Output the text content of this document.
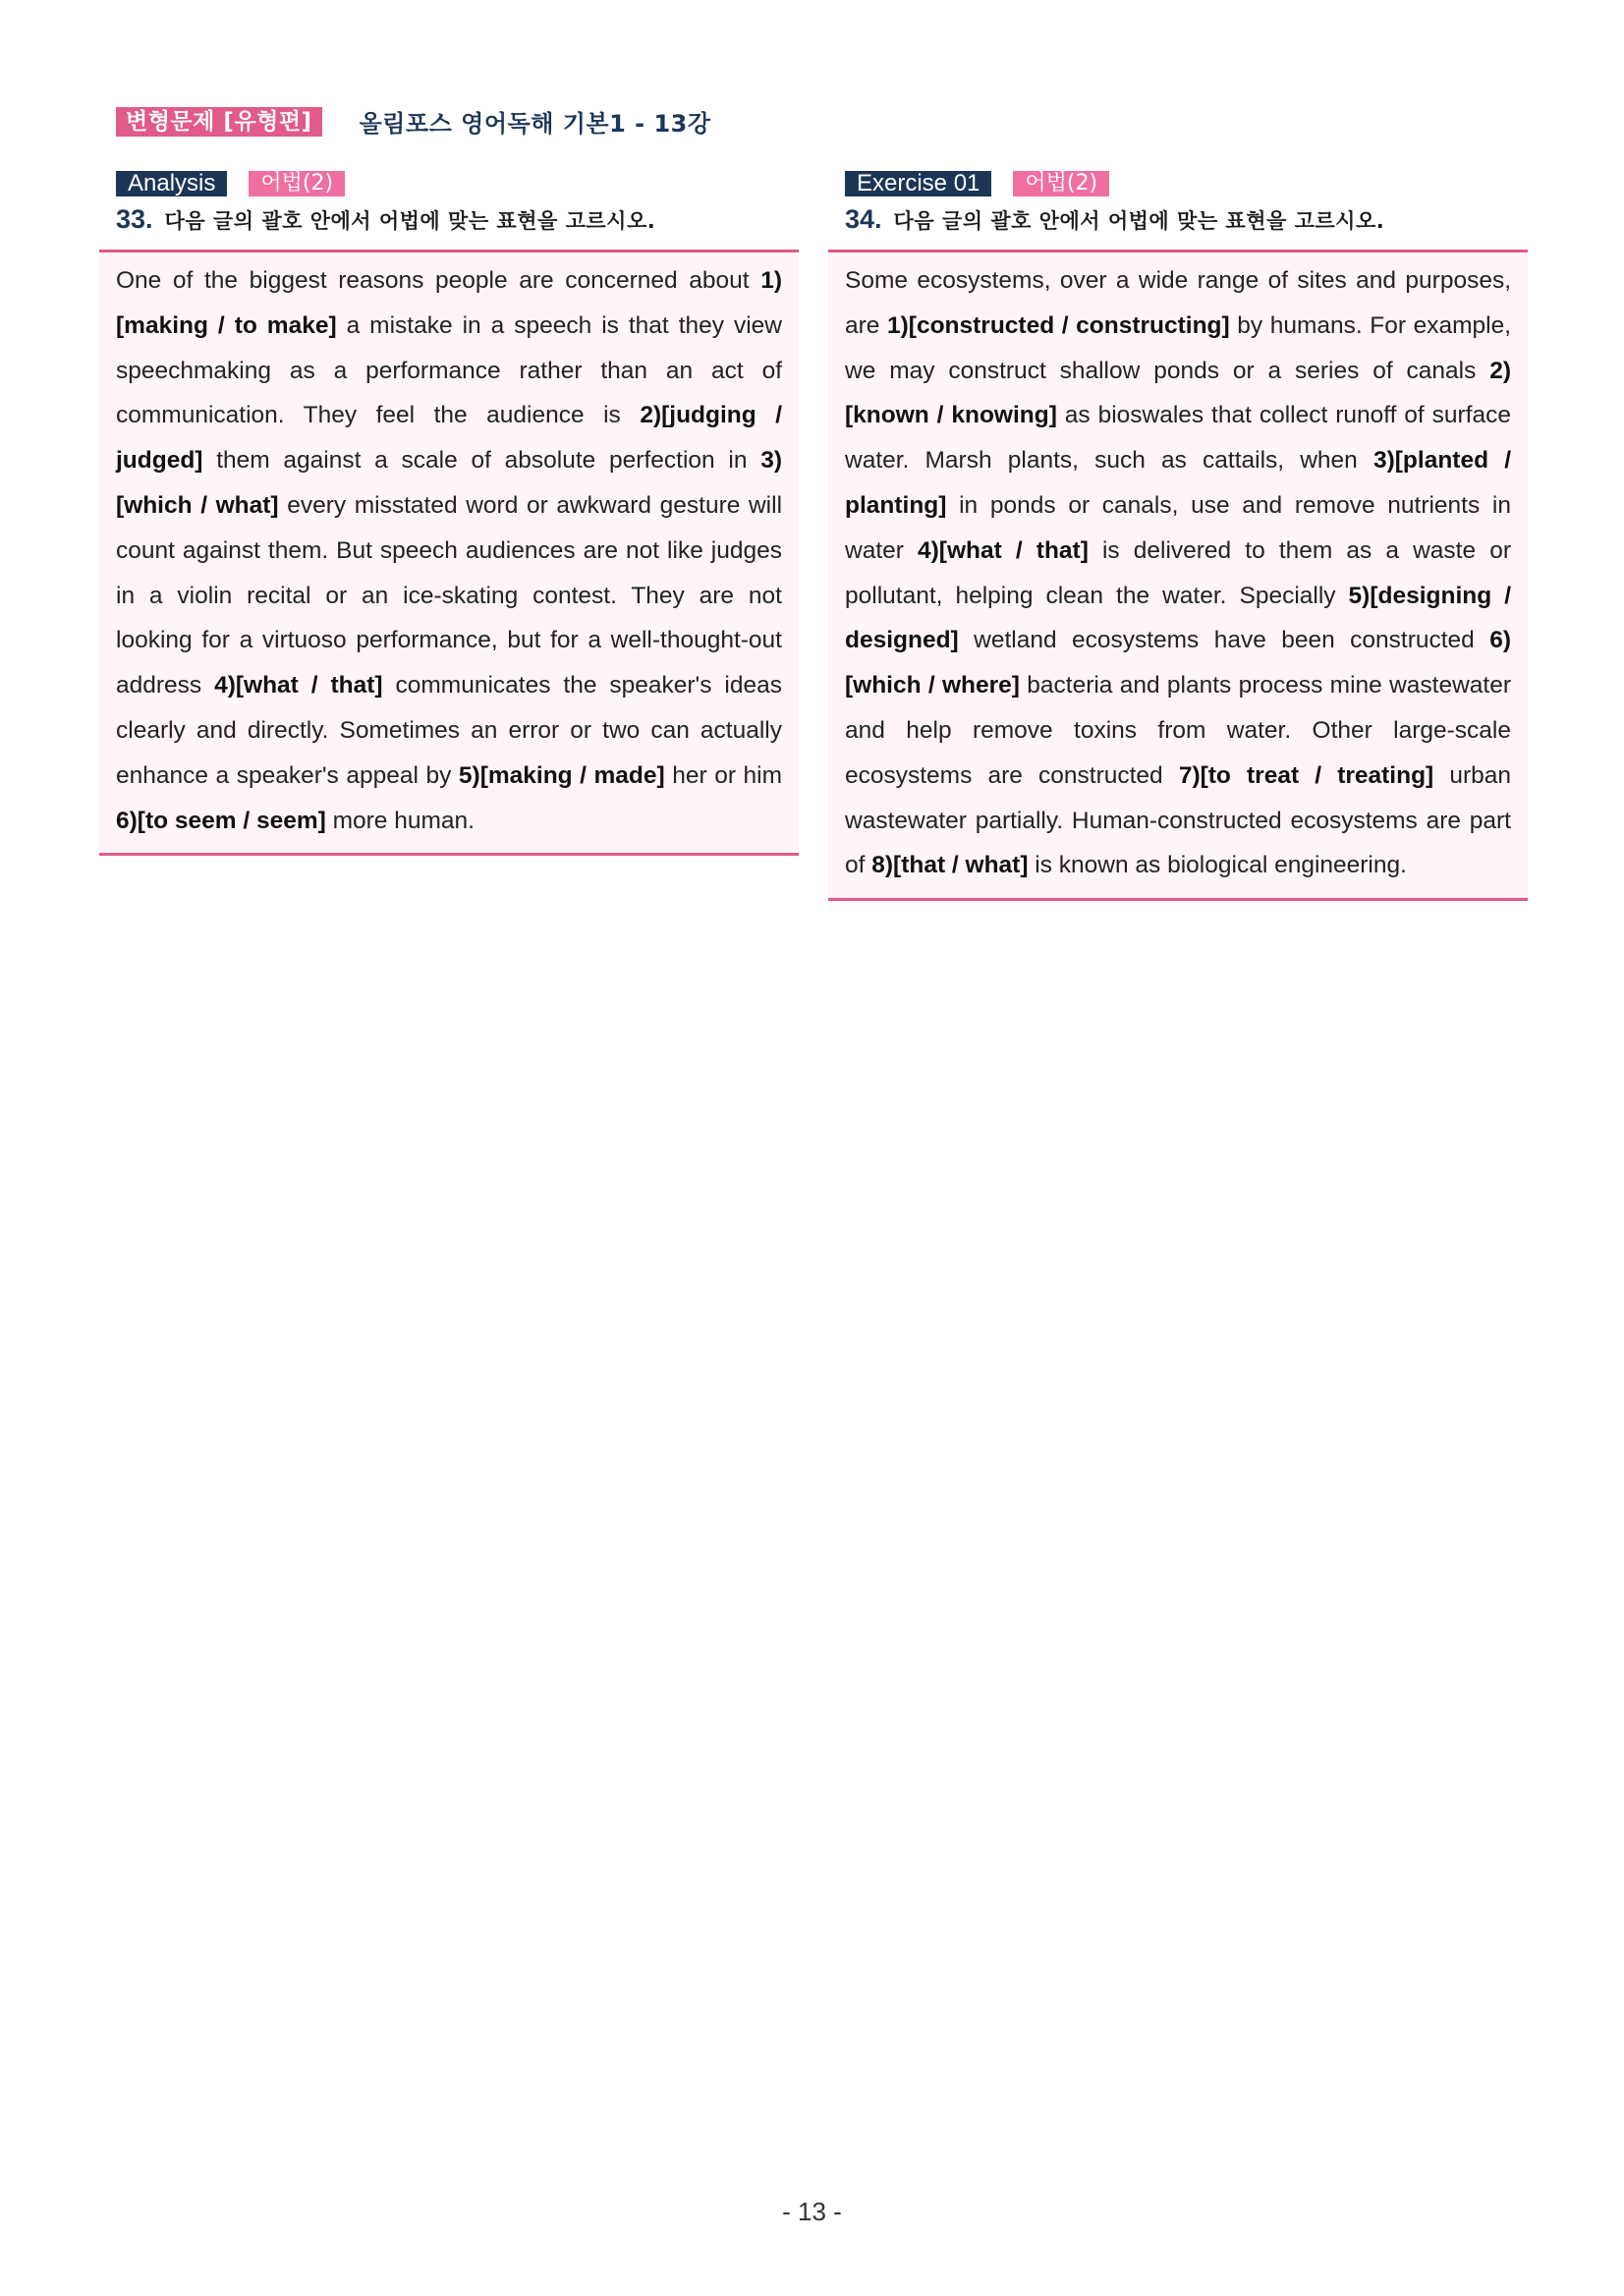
변형문제 [유형편]	올림포스 영어독해 기본1 - 13강
Analysis	어법(2)
33. 다음 글의 괄호 안에서 어법에 맞는 표현을 고르시오.

One of the biggest reasons people are concerned about 1)[making / to make] a mistake in a speech is that they view speechmaking as a performance rather than an act of communication. They feel the audience is 2)[judging / judged] them against a scale of absolute perfection in 3)[which / what] every misstated word or awkward gesture will count against them. But speech audiences are not like judges in a violin recital or an ice-skating contest. They are not looking for a virtuoso performance, but for a well-thought-out address 4)[what / that] communicates the speaker's ideas clearly and directly. Sometimes an error or two can actually enhance a speaker's appeal by 5)[making / made] her or him 6)[to seem / seem] more human.

Exercise 01	어법(2)
34. 다음 글의 괄호 안에서 어법에 맞는 표현을 고르시오.

Some ecosystems, over a wide range of sites and purposes, are 1)[constructed / constructing] by humans. For example, we may construct shallow ponds or a series of canals 2)[known / knowing] as bioswales that collect runoff of surface water. Marsh plants, such as cattails, when 3)[planted / planting] in ponds or canals, use and remove nutrients in water 4)[what / that] is delivered to them as a waste or pollutant, helping clean the water. Specially 5)[designing / designed] wetland ecosystems have been constructed 6)[which / where] bacteria and plants process mine wastewater and help remove toxins from water. Other large-scale ecosystems are constructed 7)[to treat / treating] urban wastewater partially. Human-constructed ecosystems are part of 8)[that / what] is known as biological engineering.

- 13 -
